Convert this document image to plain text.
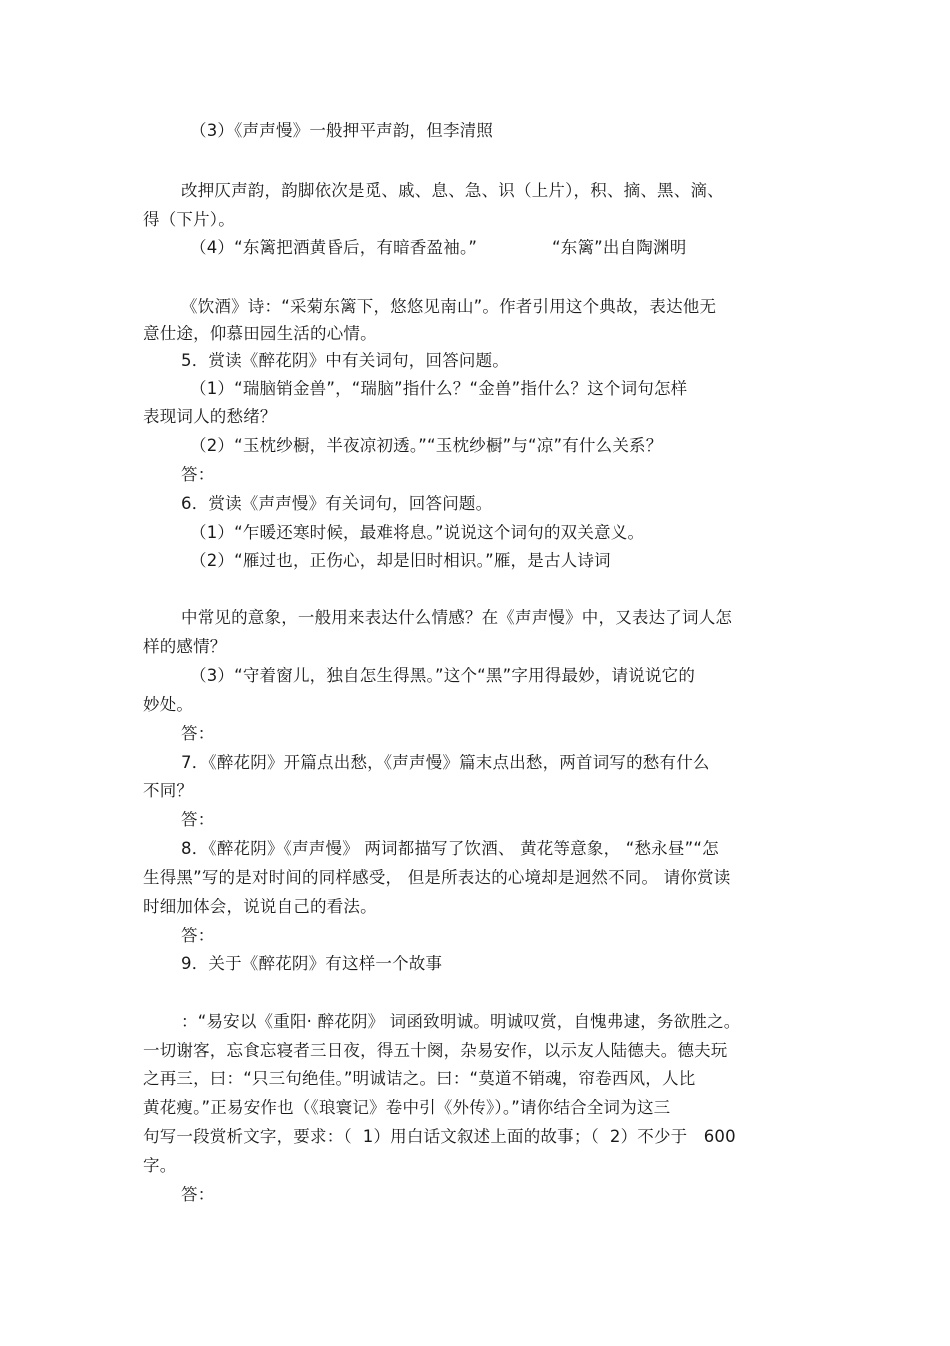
（3）《声声慢》一般押平声韵，但李清照
改押仄声韵，韵脚依次是觅、戚、息、急、识（上片），积、摘、黑、滴、
得（下片）。
（4）“东篱把酒黄昏后，有暗香盈袖。”	“东篱”出自陶渊明
《饮酒》诗：“采菊东篱下，悠悠见南山”。作者引用这个典故，表达他无
意仕途，仰慕田园生活的心情。
5．赏读《醉花阴》中有关词句，回答问题。
（1）“瑞脑销金兽”，“瑞脑”指什么？“金兽”指什么？这个词句怎样
表现词人的愁绪？
（2）“玉枕纱橱，半夜凉初透。”“玉枕纱橱”与“凉”有什么关系？
答：
6．赏读《声声慢》有关词句，回答问题。
（1）“乍暖还寒时候，最难将息。”说说这个词句的双关意义。
（2）“雁过也，正伤心，却是旧时相识。”雁，是古人诗词
中常见的意象，一般用来表达什么情感？在《声声慢》中，又表达了词人怎
样的感情？
（3）“守着窗儿，独自怎生得黑。”这个“黑”字用得最妙，请说说它的
妙处。
答：
7．《醉花阴》开篇点出愁，《声声慢》篇末点出愁，两首词写的愁有什么
不同？
答：
8．《醉花阴》《声声慢》 两词都描写了饮酒、 黄花等意象， “愁永昼”“怎
生得黑”写的是对时间的同样感受， 但是所表达的心境却是迥然不同。 请你赏读
时细加体会，说说自己的看法。
答：
9．关于《醉花阴》有这样一个故事
：“易安以《重阳· 醉花阴》 词函致明诚。明诚叹赏，自愧弗逮，务欲胜之。
一切谢客，忘食忘寝者三日夜，得五十阕，杂易安作，以示友人陆德夫。德夫玩
之再三，曰：“只三句绝佳。”明诚诘之。曰：“莫道不销魂，帘卷西风，人比
黄花瘦。”正易安作也（《琅寰记》卷中引《外传》）。”请你结合全词为这三
句写一段赏析文字，要求：（  1）用白话文叙述上面的故事；（  2）不少于   600
字。
答：
